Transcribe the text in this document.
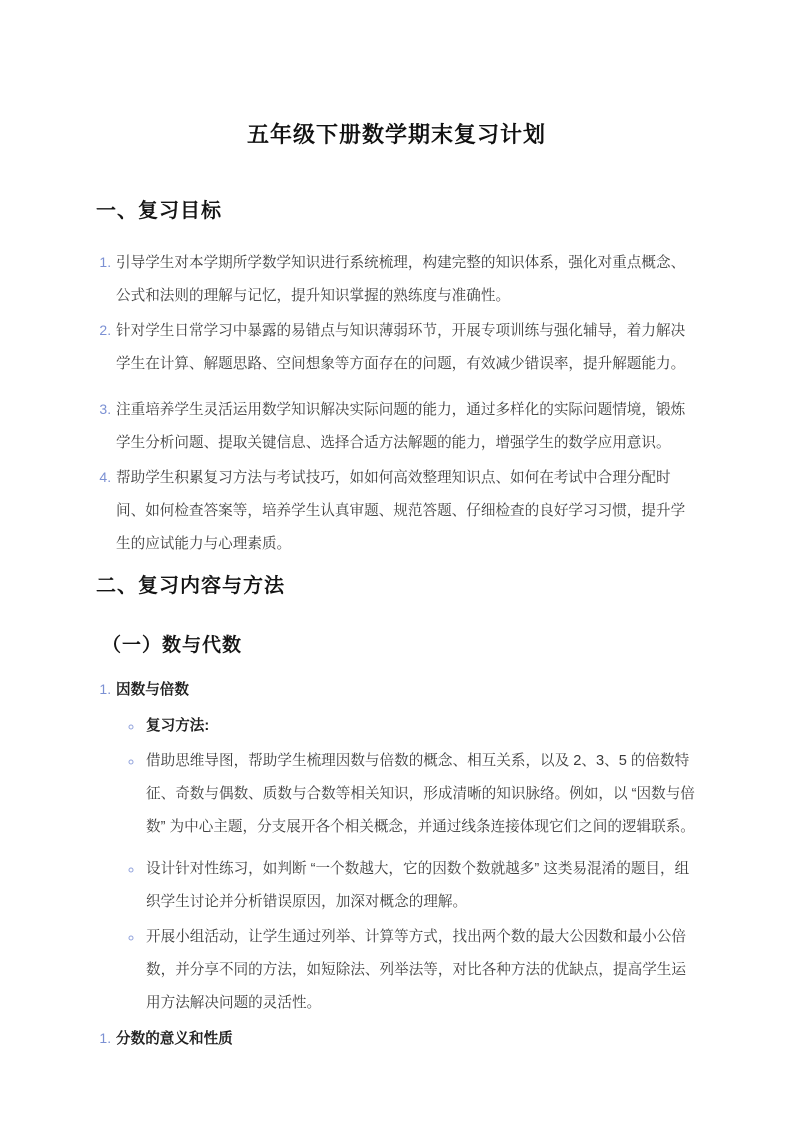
五年级下册数学期末复习计划
一、复习目标
1. 引导学生对本学期所学数学知识进行系统梳理，构建完整的知识体系，强化对重点概念、公式和法则的理解与记忆，提升知识掌握的熟练度与准确性。
2. 针对学生日常学习中暴露的易错点与知识薄弱环节，开展专项训练与强化辅导，着力解决学生在计算、解题思路、空间想象等方面存在的问题，有效减少错误率，提升解题能力。
3. 注重培养学生灵活运用数学知识解决实际问题的能力，通过多样化的实际问题情境，锻炼学生分析问题、提取关键信息、选择合适方法解题的能力，增强学生的数学应用意识。
4. 帮助学生积累复习方法与考试技巧，如如何高效整理知识点、如何在考试中合理分配时间、如何检查答案等，培养学生认真审题、规范答题、仔细检查的良好学习习惯，提升学生的应试能力与心理素质。
二、复习内容与方法
（一）数与代数
1. 因数与倍数
◦ 复习方法:
◦ 借助思维导图，帮助学生梳理因数与倍数的概念、相互关系，以及 2、3、5 的倍数特征、奇数与偶数、质数与合数等相关知识，形成清晰的知识脉络。例如，以 “因数与倍数” 为中心主题，分支展开各个相关概念，并通过线条连接体现它们之间的逻辑联系。
◦ 设计针对性练习，如判断 “一个数越大，它的因数个数就越多” 这类易混淆的题目，组织学生讨论并分析错误原因，加深对概念的理解。
◦ 开展小组活动，让学生通过列举、计算等方式，找出两个数的最大公因数和最小公倍数，并分享不同的方法，如短除法、列举法等，对比各种方法的优缺点，提高学生运用方法解决问题的灵活性。
1. 分数的意义和性质
